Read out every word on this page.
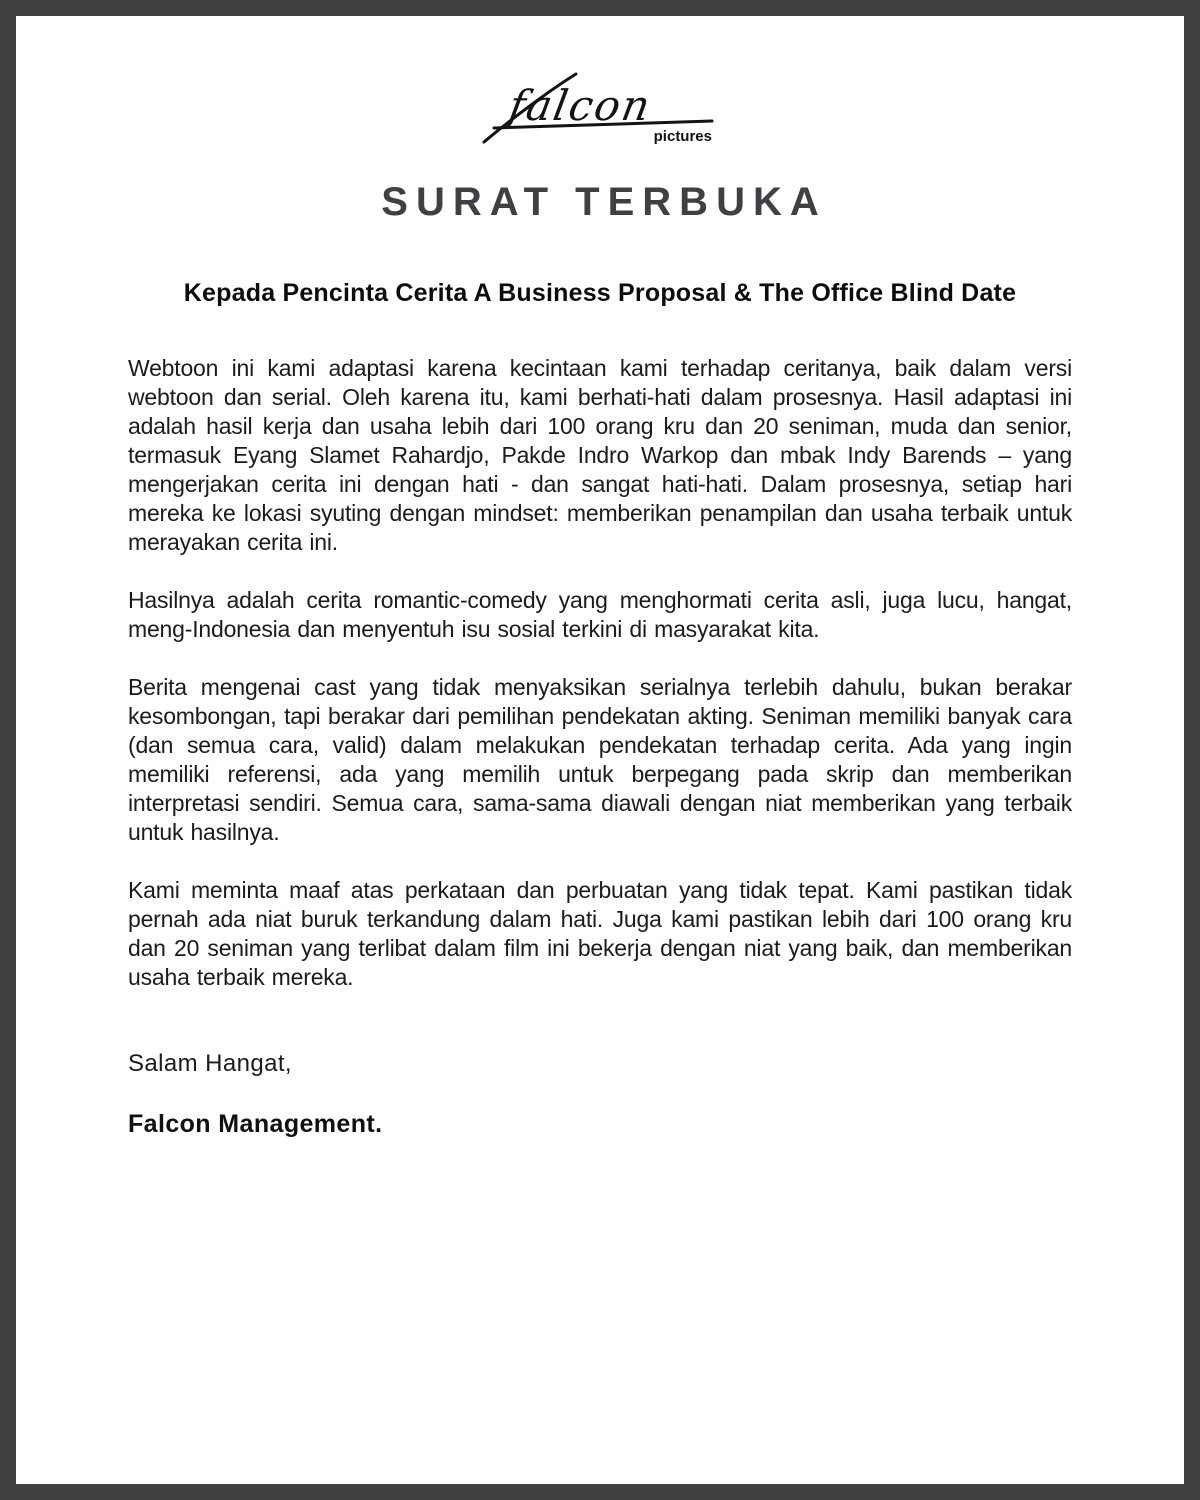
falcon
pictures
SURAT TERBUKA
Kepada Pencinta Cerita A Business Proposal & The Office Blind Date

Webtoon ini kami adaptasi karena kecintaan kami terhadap ceritanya, baik dalam versi webtoon dan serial. Oleh karena itu, kami berhati-hati dalam prosesnya. Hasil adaptasi ini adalah hasil kerja dan usaha lebih dari 100 orang kru dan 20 seniman, muda dan senior, termasuk Eyang Slamet Rahardjo, Pakde Indro Warkop dan mbak Indy Barends – yang mengerjakan cerita ini dengan hati - dan sangat hati-hati. Dalam prosesnya, setiap hari mereka ke lokasi syuting dengan mindset: memberikan penampilan dan usaha terbaik untuk merayakan cerita ini.

Hasilnya adalah cerita romantic-comedy yang menghormati cerita asli, juga lucu, hangat, meng-Indonesia dan menyentuh isu sosial terkini di masyarakat kita.

Berita mengenai cast yang tidak menyaksikan serialnya terlebih dahulu, bukan berakar kesombongan, tapi berakar dari pemilihan pendekatan akting. Seniman memiliki banyak cara (dan semua cara, valid) dalam melakukan pendekatan terhadap cerita. Ada yang ingin memiliki referensi, ada yang memilih untuk berpegang pada skrip dan memberikan interpretasi sendiri. Semua cara, sama-sama diawali dengan niat memberikan yang terbaik untuk hasilnya.

Kami meminta maaf atas perkataan dan perbuatan yang tidak tepat. Kami pastikan tidak pernah ada niat buruk terkandung dalam hati. Juga kami pastikan lebih dari 100 orang kru dan 20 seniman yang terlibat dalam film ini bekerja dengan niat yang baik, dan memberikan usaha terbaik mereka.

Salam Hangat,
Falcon Management.
